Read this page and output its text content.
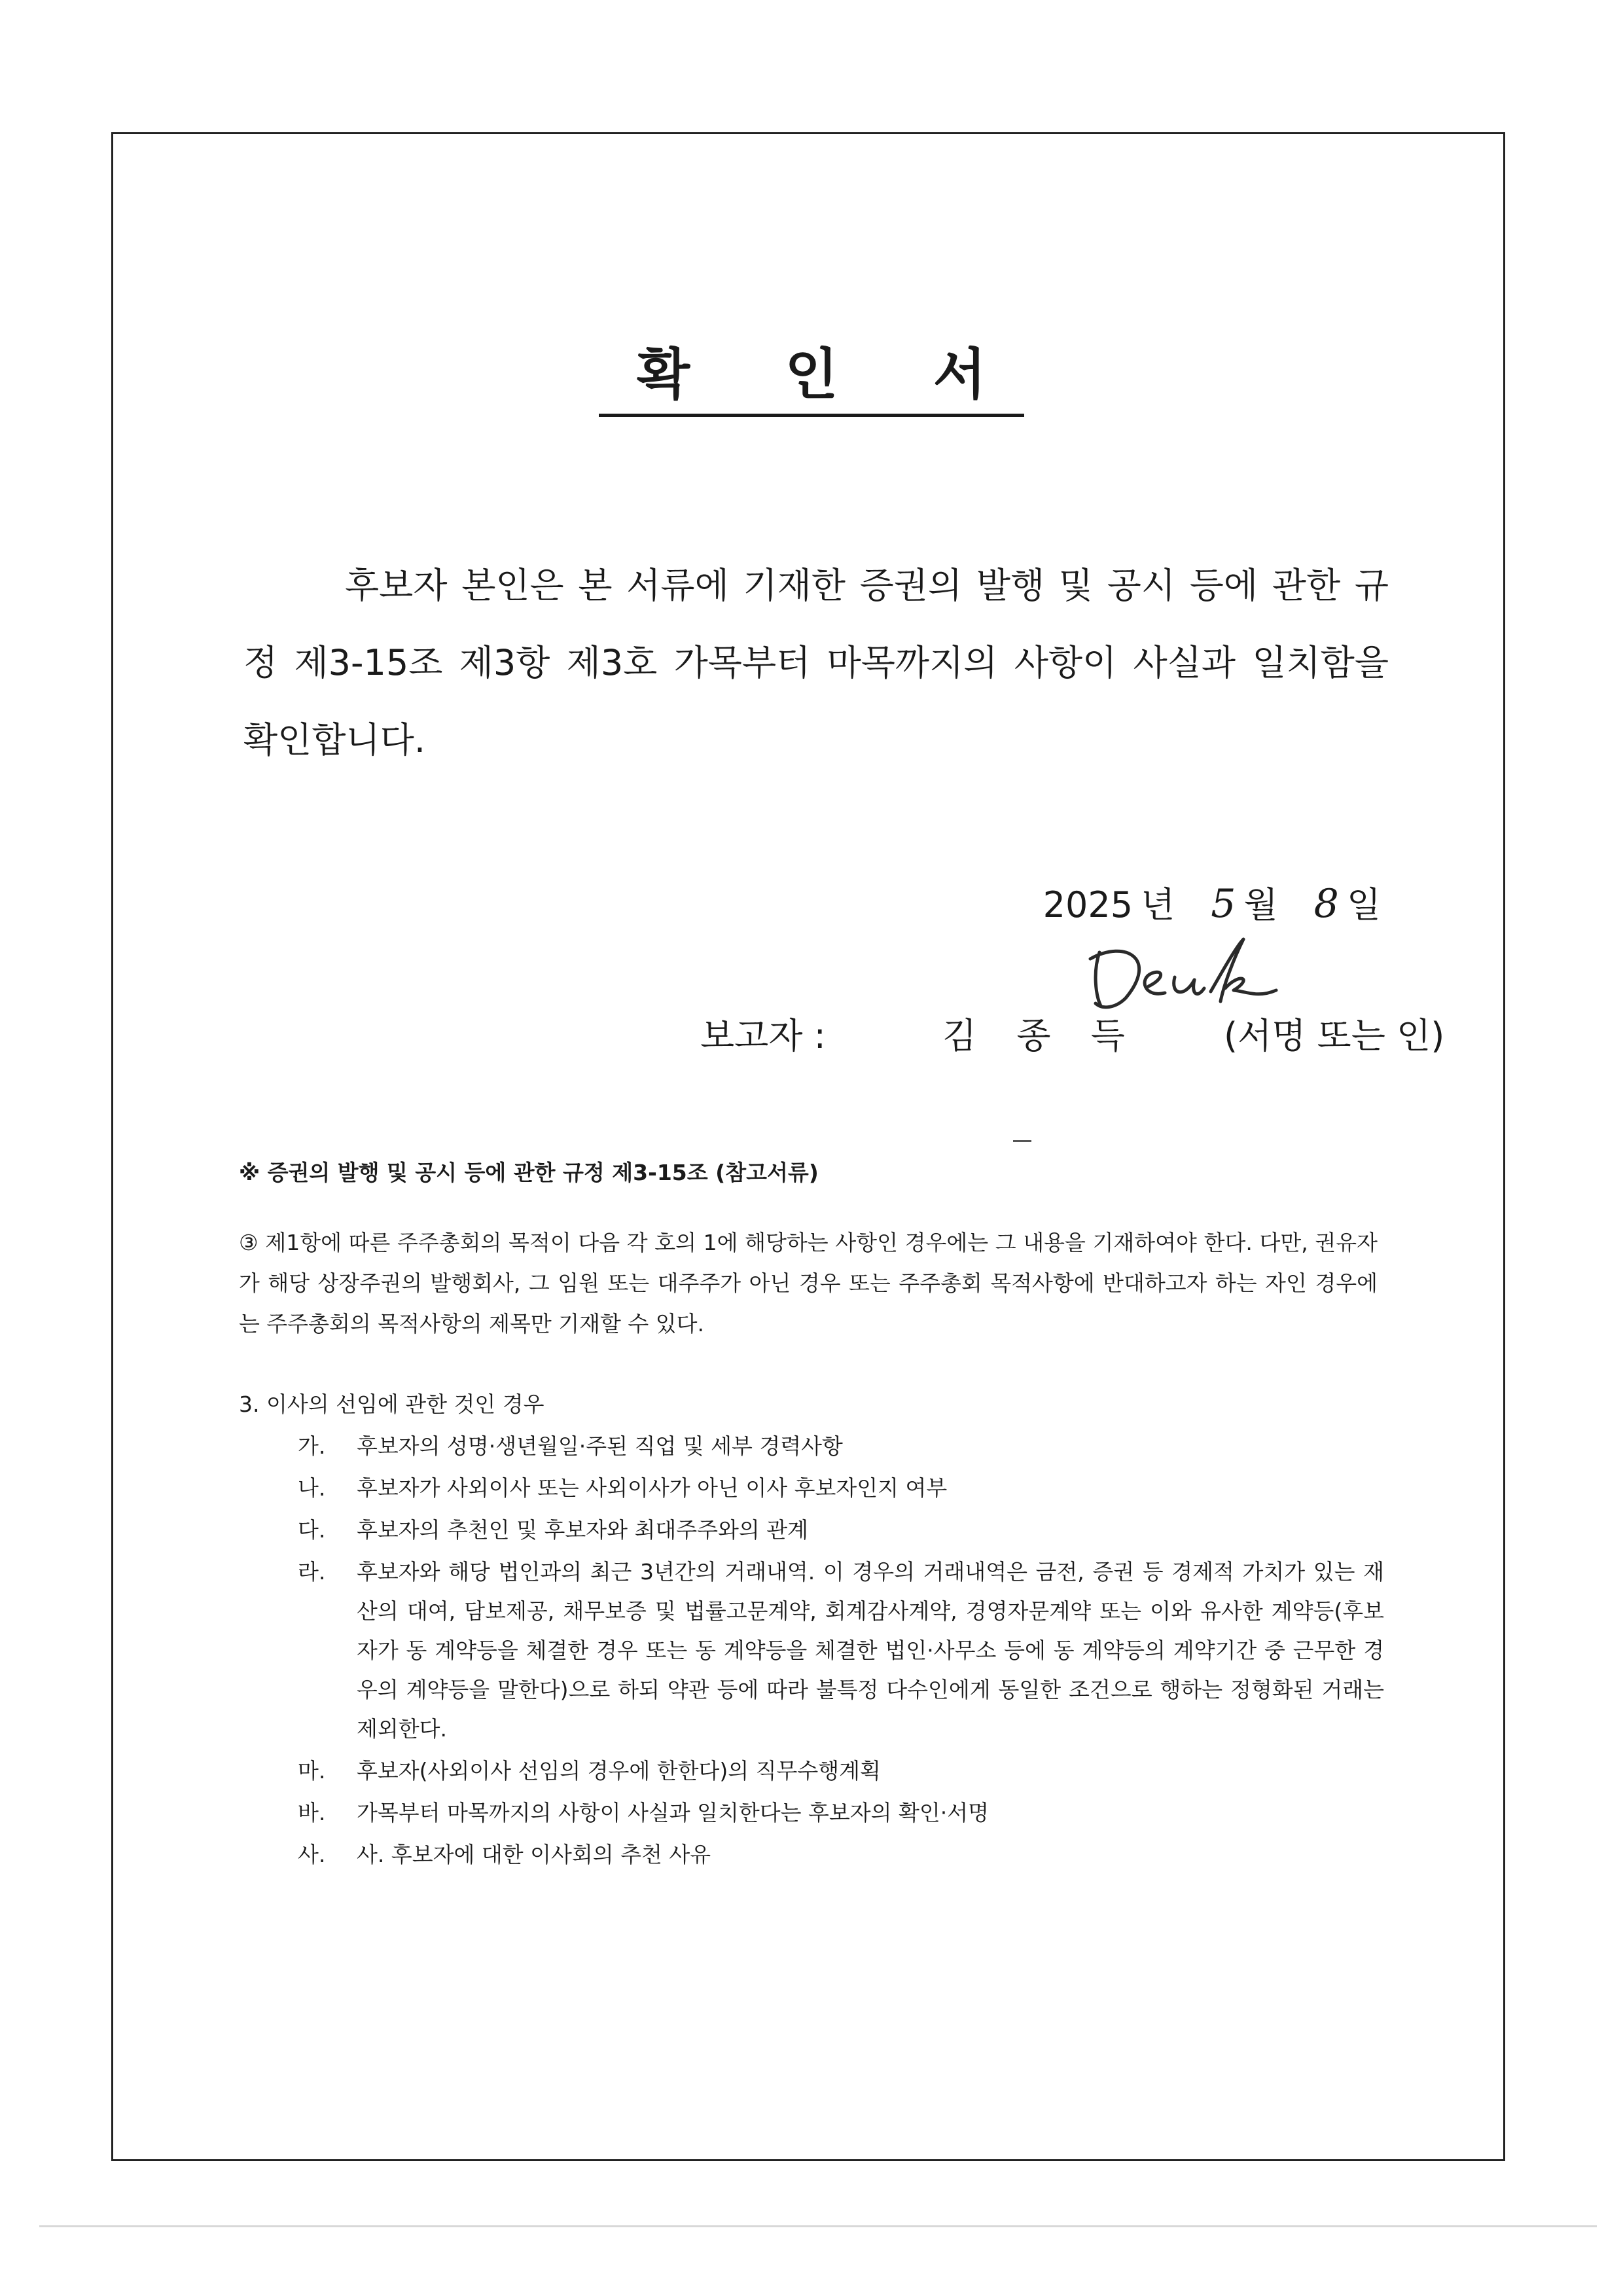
확 인 서
후보자 본인은 본 서류에 기재한 증권의 발행 및 공시 등에 관한 규정 제3-15조 제3항 제3호 가목부터 마목까지의 사항이 사실과 일치함을 확인합니다.
2025 년 5 월 8 일
보고자 :	김 종 득 (서명 또는 인)
※ 증권의 발행 및 공시 등에 관한 규정 제3-15조 (참고서류)
③ 제1항에 따른 주주총회의 목적이 다음 각 호의 1에 해당하는 사항인 경우에는 그 내용을 기재하여야 한다. 다만, 권유자가 해당 상장주권의 발행회사, 그 임원 또는 대주주가 아닌 경우 또는 주주총회 목적사항에 반대하고자 하는 자인 경우에는 주주총회의 목적사항의 제목만 기재할 수 있다.
3. 이사의 선임에 관한 것인 경우
가.	후보자의 성명·생년월일·주된 직업 및 세부 경력사항
나.	후보자가 사외이사 또는 사외이사가 아닌 이사 후보자인지 여부
다.	후보자의 추천인 및 후보자와 최대주주와의 관계
라.	후보자와 해당 법인과의 최근 3년간의 거래내역. 이 경우의 거래내역은 금전, 증권 등 경제적 가치가 있는 재산의 대여, 담보제공, 채무보증 및 법률고문계약, 회계감사계약, 경영자문계약 또는 이와 유사한 계약등(후보자가 동 계약등을 체결한 경우 또는 동 계약등을 체결한 법인·사무소 등에 동 계약등의 계약기간 중 근무한 경우의 계약등을 말한다)으로 하되 약관 등에 따라 불특정 다수인에게 동일한 조건으로 행하는 정형화된 거래는 제외한다.
마.	후보자(사외이사 선임의 경우에 한한다)의 직무수행계획
바.	가목부터 마목까지의 사항이 사실과 일치한다는 후보자의 확인·서명
사.	사. 후보자에 대한 이사회의 추천 사유
